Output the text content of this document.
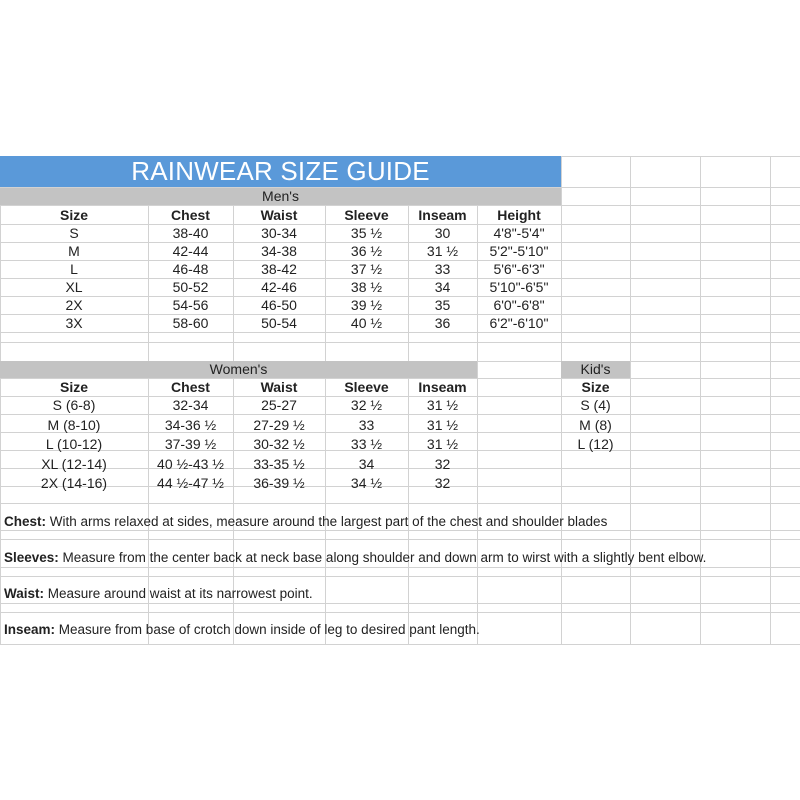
RAINWEAR SIZE GUIDE
Men's
Size	Chest	Waist	Sleeve	Inseam	Height
S	38-40	30-34	35 ½	30	4'8"-5'4"
M	42-44	34-38	36 ½	31 ½	5'2"-5'10"
L	46-48	38-42	37 ½	33	5'6"-6'3"
XL	50-52	42-46	38 ½	34	5'10"-6'5"
2X	54-56	46-50	39 ½	35	6'0"-6'8"
3X	58-60	50-54	40 ½	36	6'2"-6'10"
Women's
Size	Chest	Waist	Sleeve	Inseam
S (6-8)	32-34	25-27	32 ½	31 ½
M (8-10)	34-36 ½	27-29 ½	33	31 ½
L (10-12)	37-39 ½	30-32 ½	33 ½	31 ½
XL (12-14)	40 ½-43 ½	33-35 ½	34	32
2X (14-16)	44 ½-47 ½	36-39 ½	34 ½	32
Kid's
Size
S (4)
M (8)
L (12)
Chest: With arms relaxed at sides, measure around the largest part of the chest and shoulder blades
Sleeves: Measure from the center back at neck base along shoulder and down arm to wirst with a slightly bent elbow.
Waist: Measure around waist at its narrowest point.
Inseam: Measure from base of crotch down inside of leg to desired pant length.
